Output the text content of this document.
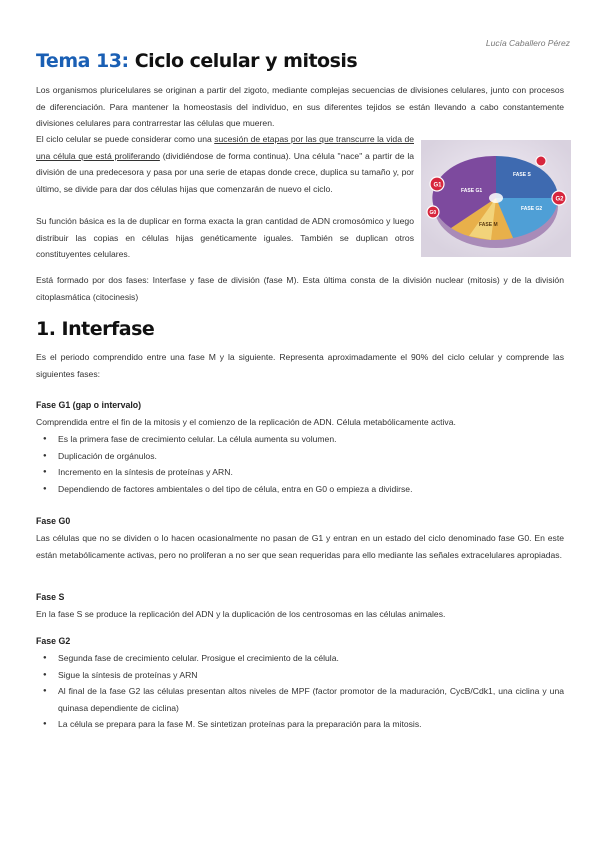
Lucía Caballero Pérez
Tema 13: Ciclo celular y mitosis

Los organismos pluricelulares se originan a partir del zigoto, mediante complejas secuencias de divisiones celulares, junto con procesos de diferenciación. Para mantener la homeostasis del individuo, en sus diferentes tejidos se están llevando a cabo constantemente divisiones celulares para contrarrestar las células que mueren.

El ciclo celular se puede considerar como una sucesión de etapas por las que transcurre la vida de una célula que está proliferando (dividiéndose de forma continua). Una célula "nace" a partir de la división de una predecesora y pasa por una serie de etapas donde crece, duplica su tamaño y, por último, se divide para dar dos células hijas que comenzarán de nuevo el ciclo.

Su función básica es la de duplicar en forma exacta la gran cantidad de ADN cromosómico y luego distribuir las copias en células hijas genéticamente iguales. También se duplican otros constituyentes celulares.

Está formado por dos fases: Interfase y fase de división (fase M). Esta última consta de la división nuclear (mitosis) y de la división citoplasmática (citocinesis)

FASE S
FASE G1
FASE G2
FASE M
G1
G2
G0
1. Interfase

Es el periodo comprendido entre una fase M y la siguiente. Representa aproximadamente el 90% del ciclo celular y comprende las siguientes fases:

Fase G1 (gap o intervalo)

Comprendida entre el fin de la mitosis y el comienzo de la replicación de ADN. Célula metabólicamente activa.

● Es la primera fase de crecimiento celular. La célula aumenta su volumen.
● Duplicación de orgánulos.
● Incremento en la síntesis de proteínas y ARN.
● Dependiendo de factores ambientales o del tipo de célula, entra en G0 o empieza a dividirse.
Fase G0

Las células que no se dividen o lo hacen ocasionalmente no pasan de G1 y entran en un estado del ciclo denominado fase G0. En este están metabólicamente activas, pero no proliferan a no ser que sean requeridas para ello mediante las señales extracelulares apropiadas.

Fase S

En la fase S se produce la replicación del ADN y la duplicación de los centrosomas en las células animales.

Fase G2
● Segunda fase de crecimiento celular. Prosigue el crecimiento de la célula.
● Sigue la síntesis de proteínas y ARN
● Al final de la fase G2 las células presentan altos niveles de MPF (factor promotor de la maduración, CycB/Cdk1, una ciclina y una quinasa dependiente de ciclina)
● La célula se prepara para la fase M. Se sintetizan proteínas para la preparación para la mitosis.
